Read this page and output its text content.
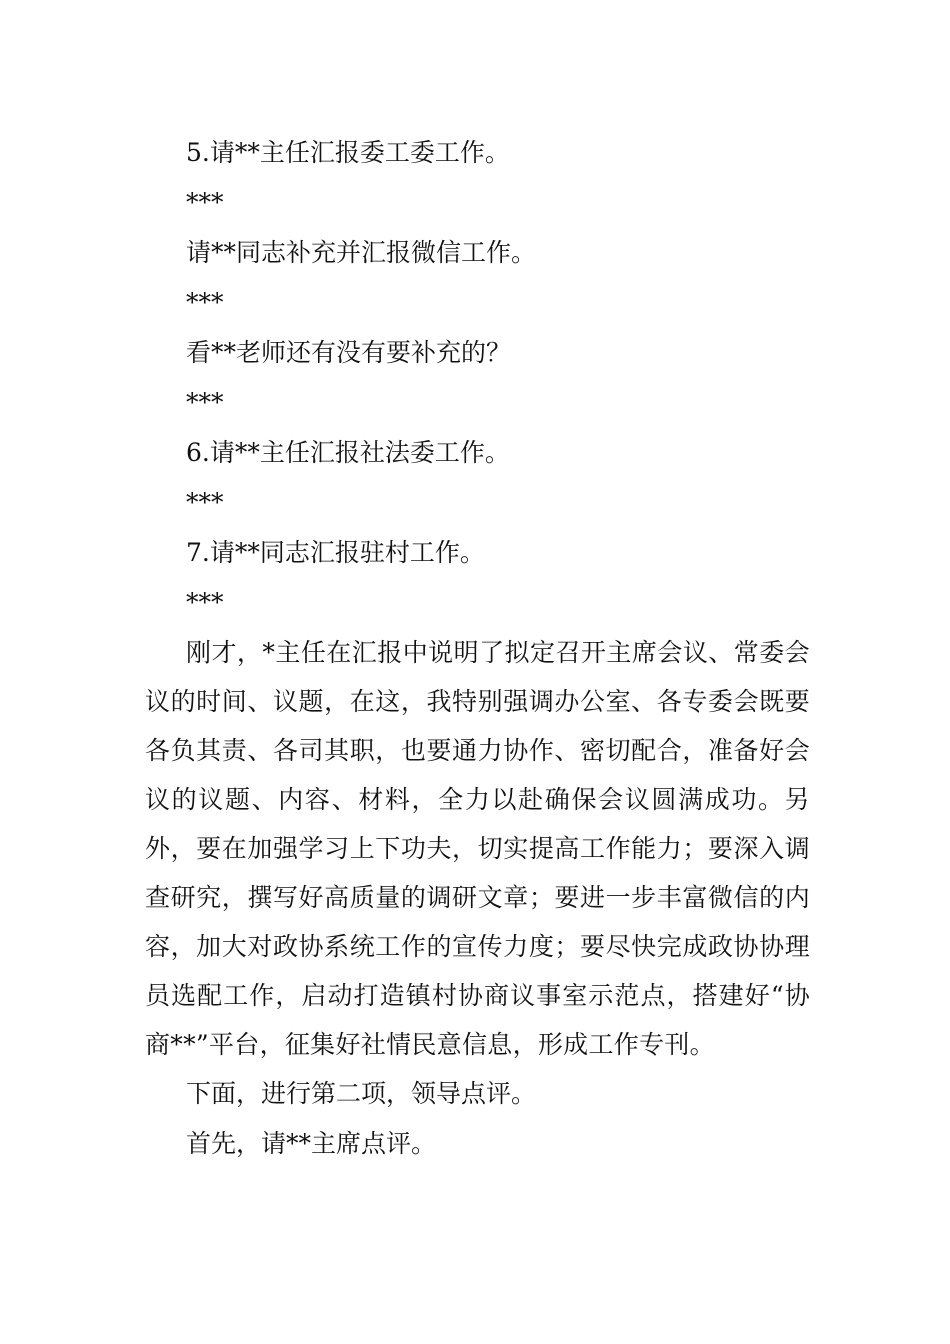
5.请**主任汇报委工委工作。
***
请**同志补充并汇报微信工作。
***
看**老师还有没有要补充的？
***
6.请**主任汇报社法委工作。
***
7.请**同志汇报驻村工作。
***

刚才，*主任在汇报中说明了拟定召开主席会议、常委会议的时间、议题，在这，我特别强调办公室、各专委会既要各负其责、各司其职，也要通力协作、密切配合，准备好会议的议题、内容、材料，全力以赴确保会议圆满成功。另外，要在加强学习上下功夫，切实提高工作能力；要深入调查研究，撰写好高质量的调研文章；要进一步丰富微信的内容，加大对政协系统工作的宣传力度；要尽快完成政协协理员选配工作，启动打造镇村协商议事室示范点，搭建好“协商**”平台，征集好社情民意信息，形成工作专刊。

下面，进行第二项，领导点评。
首先，请**主席点评。
